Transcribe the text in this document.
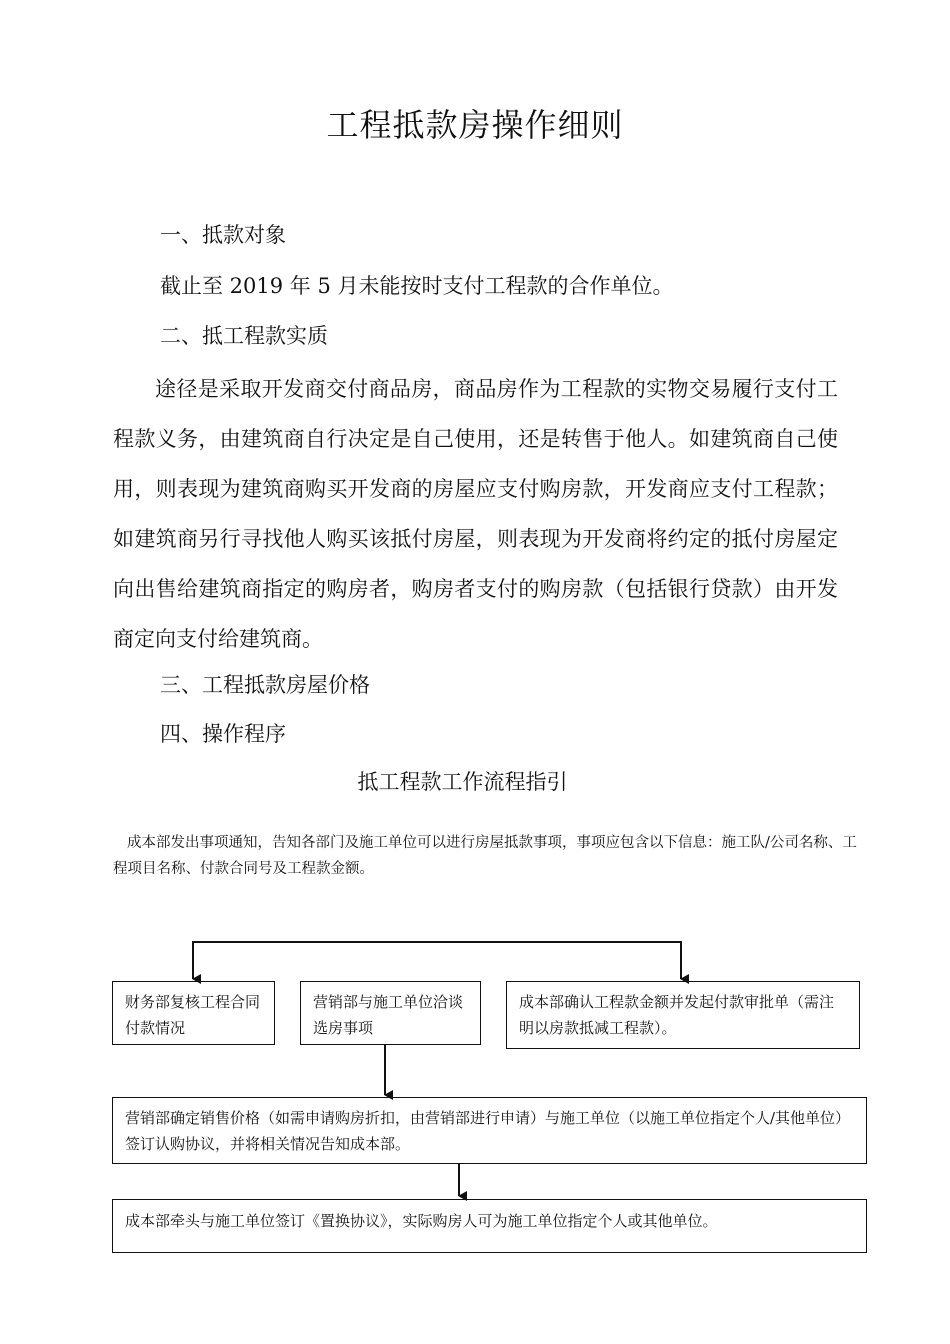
工程抵款房操作细则
一、抵款对象
截止至 2019 年 5 月未能按时支付工程款的合作单位。
二、抵工程款实质
途径是采取开发商交付商品房，商品房作为工程款的实物交易履行支付工程款义务，由建筑商自行决定是自己使用，还是转售于他人。如建筑商自己使用，则表现为建筑商购买开发商的房屋应支付购房款，开发商应支付工程款；如建筑商另行寻找他人购买该抵付房屋，则表现为开发商将约定的抵付房屋定向出售给建筑商指定的购房者，购房者支付的购房款（包括银行贷款）由开发商定向支付给建筑商。
三、工程抵款房屋价格
四、操作程序
抵工程款工作流程指引
成本部发出事项通知，告知各部门及施工单位可以进行房屋抵款事项，事项应包含以下信息：施工队/公司名称、工程项目名称、付款合同号及工程款金额。
财务部复核工程合同付款情况
营销部与施工单位洽谈选房事项
成本部确认工程款金额并发起付款审批单（需注明以房款抵减工程款）。
营销部确定销售价格（如需申请购房折扣，由营销部进行申请）与施工单位（以施工单位指定个人/其他单位）签订认购协议，并将相关情况告知成本部。
成本部牵头与施工单位签订《置换协议》，实际购房人可为施工单位指定个人或其他单位。
